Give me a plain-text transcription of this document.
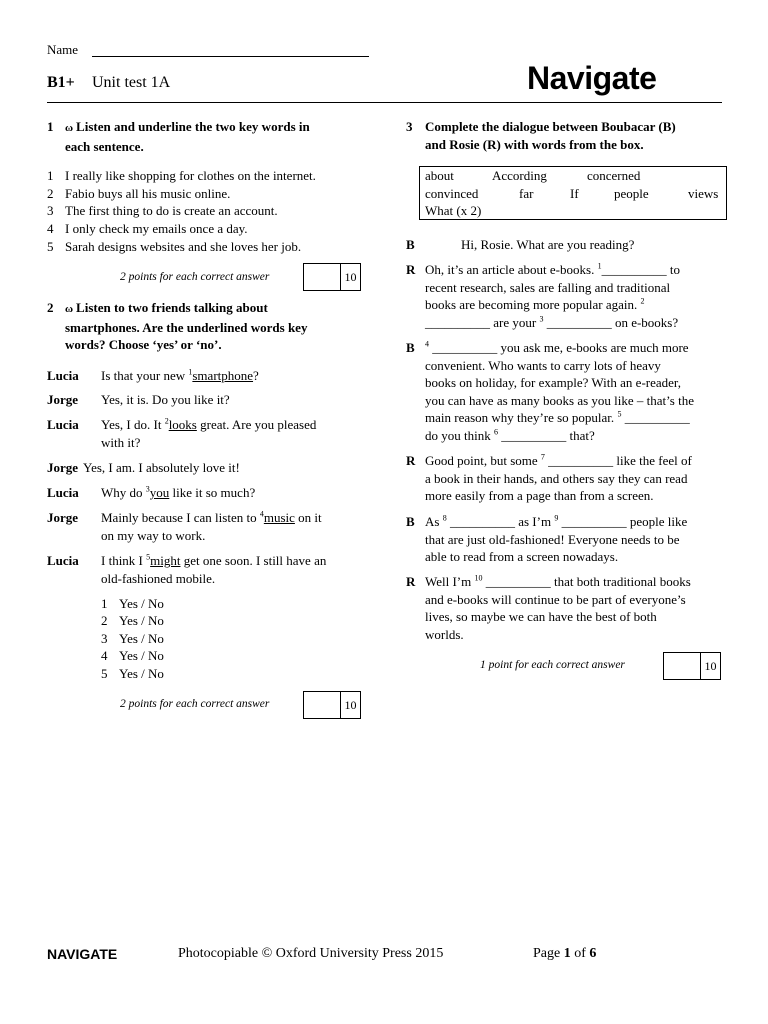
Name
B1+ Unit test 1A	Navigate
1 ω Listen and underline the two key words in
each sentence.
1 I really like shopping for clothes on the internet.
2 Fabio buys all his music online.
3 The first thing to do is create an account.
4 I only check my emails once a day.
5 Sarah designs websites and she loves her job.
2 points for each correct answer	10
2 ω Listen to two friends talking about
smartphones. Are the underlined words key
words? Choose ‘yes’ or ‘no’.
Lucia Is that your new $^1$smartphone?
Jorge Yes, it is. Do you like it?
Lucia Yes, I do. It $^2$looks great. Are you pleased
with it?
Jorge Yes, I am. I absolutely love it!
Lucia Why do $^3$you like it so much?
Jorge Mainly because I can listen to $^4$music on it
on my way to work.
Lucia I think I $^5$might get one soon. I still have an
old-fashioned mobile.
1 Yes / No
2 Yes / No
3 Yes / No
4 Yes / No
5 Yes / No
2 points for each correct answer	10
3 Complete the dialogue between Boubacar (B)
and Rosie (R) with words from the box.
about	According	concerned
convinced	far	If	people	views
What (x 2)
B	Hi, Rosie. What are you reading?
R Oh, it’s an article about e-books. $^1$__________ to
recent research, sales are falling and traditional
books are becoming more popular again. $^2$
__________ are your $^3$ __________ on e-books?
B $^4$ __________ you ask me, e-books are much more
convenient. Who wants to carry lots of heavy
books on holiday, for example? With an e-reader,
you can have as many books as you like – that’s the
main reason why they’re so popular. $^5$ __________
do you think $^6$ __________ that?
R Good point, but some $^7$ __________ like the feel of
a book in their hands, and others say they can read
more easily from a page than from a screen.
B As $^8$ __________ as I’m $^9$ __________ people like
that are just old-fashioned! Everyone needs to be
able to read from a screen nowadays.
R Well I’m $^{10}$ __________ that both traditional books
and e-books will continue to be part of everyone’s
lives, so maybe we can have the best of both
worlds.
1 point for each correct answer	10
NAVIGATE	Photocopiable © Oxford University Press 2015	Page 1 of 6
